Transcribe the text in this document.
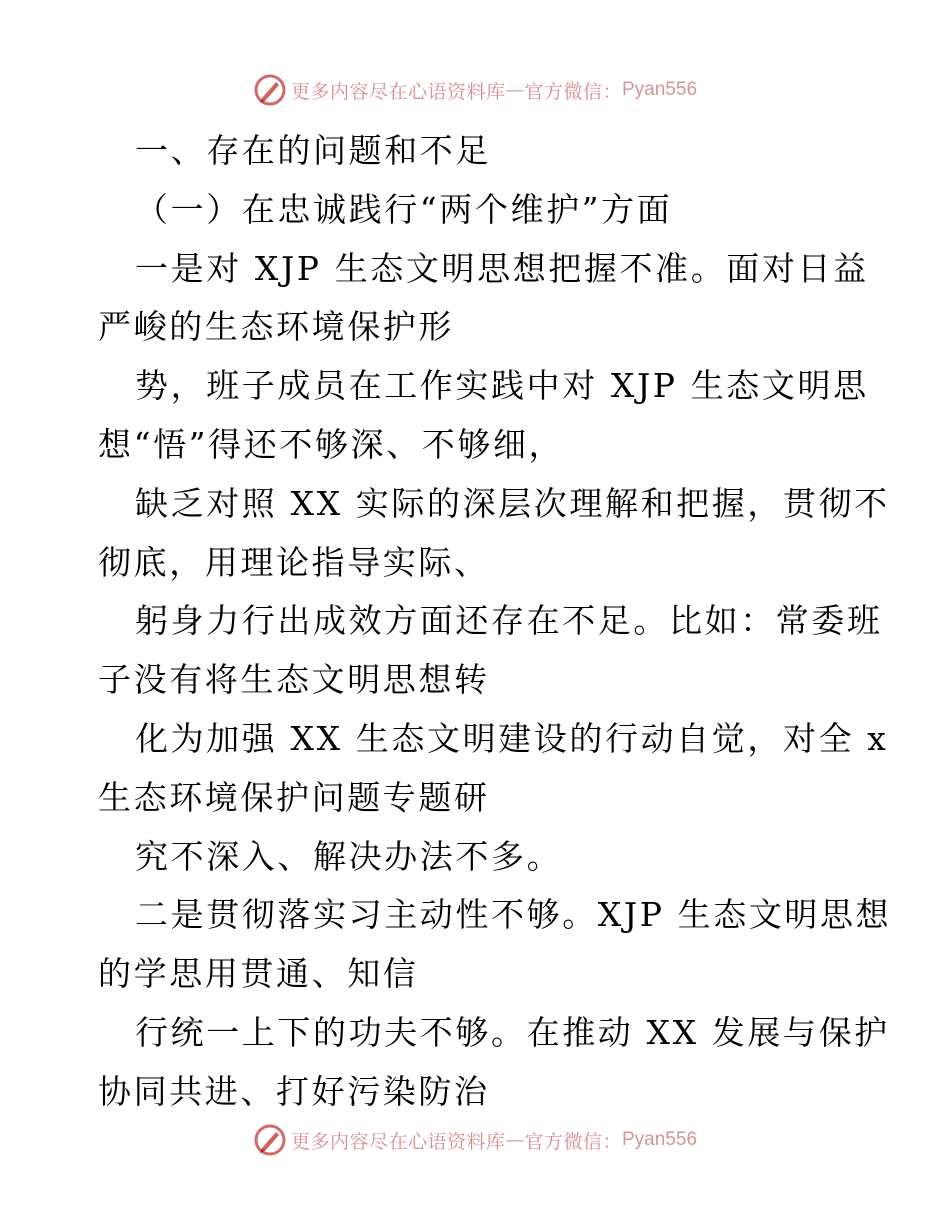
更多内容尽在心语资料库 — 官方微信： Pyan556
一、存在的问题和不足
（一）在忠诚践行“两个维护”方面
一是对 XJP 生态文明思想把握不准。面对日益
严峻的生态环境保护形
势，班子成员在工作实践中对 XJP 生态文明思
想“悟”得还不够深、不够细，
缺乏对照 XX 实际的深层次理解和把握，贯彻不
彻底，用理论指导实际、
躬身力行出成效方面还存在不足。比如：常委班
子没有将生态文明思想转
化为加强 XX 生态文明建设的行动自觉，对全 x
生态环境保护问题专题研
究不深入、解决办法不多。
二是贯彻落实习主动性不够。XJP 生态文明思想
的学思用贯通、知信
行统一上下的功夫不够。在推动 XX 发展与保护
协同共进、打好污染防治
更多内容尽在心语资料库 — 官方微信： Pyan556
